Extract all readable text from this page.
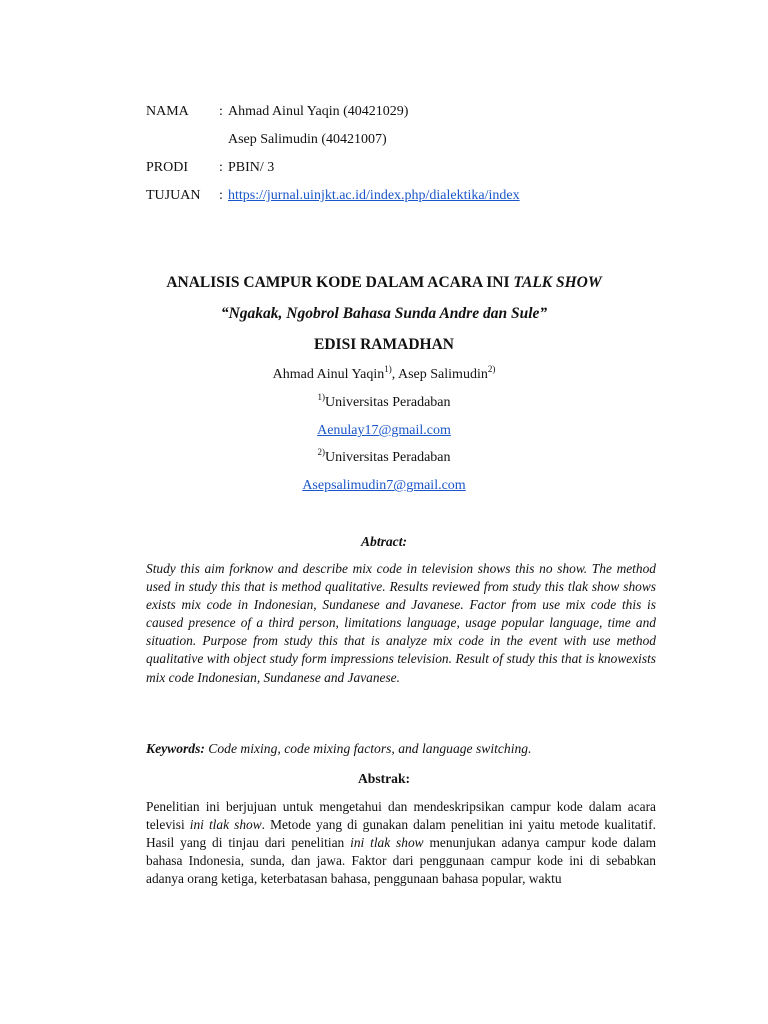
NAMA : Ahmad Ainul Yaqin (40421029)
Asep Salimudin (40421007)
PRODI : PBIN/ 3
TUJUAN : https://jurnal.uinjkt.ac.id/index.php/dialektika/index
ANALISIS CAMPUR KODE DALAM ACARA INI TALK SHOW
“Ngakak, Ngobrol Bahasa Sunda Andre dan Sule”
EDISI RAMADHAN
Ahmad Ainul Yaqin$^{1)}$, Asep Salimudin$^{2)}$
$^{1)}$Universitas Peradaban
Aenulay17@gmail.com
$^{2)}$Universitas Peradaban
Asepsalimudin7@gmail.com
Abtract:
Study this aim forknow and describe mix code in television shows this no show. The method used in study this that is method qualitative. Results reviewed from study this tlak show shows exists mix code in Indonesian, Sundanese and Javanese. Factor from use mix code this is caused presence of a third person, limitations language, usage popular language, time and situation. Purpose from study this that is analyze mix code in the event with use method qualitative with object study form impressions television. Result of study this that is knowexists mix code Indonesian, Sundanese and Javanese.
Keywords: Code mixing, code mixing factors, and language switching.
Abstrak:
Penelitian ini berjujuan untuk mengetahui dan mendeskripsikan campur kode dalam acara televisi ini tlak show. Metode yang di gunakan dalam penelitian ini yaitu metode kualitatif. Hasil yang di tinjau dari penelitian ini tlak show menunjukan adanya campur kode dalam bahasa Indonesia, sunda, dan jawa. Faktor dari penggunaan campur kode ini di sebabkan adanya orang ketiga, keterbatasan bahasa, penggunaan bahasa popular, waktu
